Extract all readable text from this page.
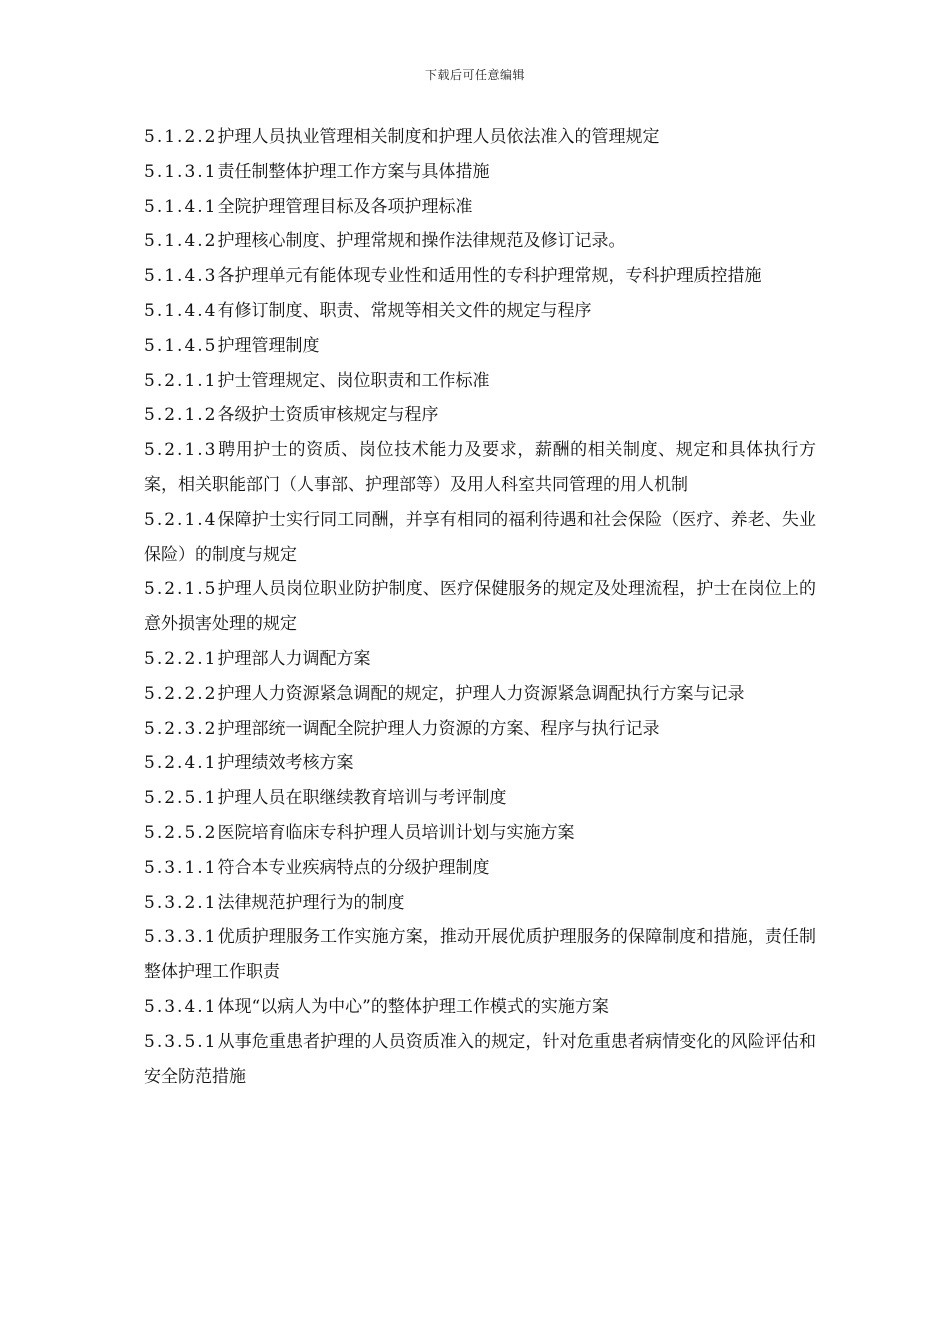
下载后可任意编辑

5.1.2.2护理人员执业管理相关制度和护理人员依法准入的管理规定

5.1.3.1责任制整体护理工作方案与具体措施

5.1.4.1全院护理管理目标及各项护理标准

5.1.4.2护理核心制度、护理常规和操作法律规范及修订记录。

5.1.4.3各护理单元有能体现专业性和适用性的专科护理常规，专科护理质控措施

5.1.4.4有修订制度、职责、常规等相关文件的规定与程序

5.1.4.5护理管理制度

5.2.1.1护士管理规定、岗位职责和工作标准

5.2.1.2各级护士资质审核规定与程序

5.2.1.3聘用护士的资质、岗位技术能力及要求，薪酬的相关制度、规定和具体执行方案，相关职能部门（人事部、护理部等）及用人科室共同管理的用人机制

5.2.1.4保障护士实行同工同酬，并享有相同的福利待遇和社会保险（医疗、养老、失业保险）的制度与规定

5.2.1.5护理人员岗位职业防护制度、医疗保健服务的规定及处理流程，护士在岗位上的意外损害处理的规定

5.2.2.1护理部人力调配方案

5.2.2.2护理人力资源紧急调配的规定，护理人力资源紧急调配执行方案与记录

5.2.3.2护理部统一调配全院护理人力资源的方案、程序与执行记录

5.2.4.1护理绩效考核方案

5.2.5.1护理人员在职继续教育培训与考评制度

5.2.5.2医院培育临床专科护理人员培训计划与实施方案

5.3.1.1符合本专业疾病特点的分级护理制度

5.3.2.1法律规范护理行为的制度

5.3.3.1优质护理服务工作实施方案，推动开展优质护理服务的保障制度和措施，责任制整体护理工作职责

5.3.4.1体现“以病人为中心”的整体护理工作模式的实施方案

5.3.5.1从事危重患者护理的人员资质准入的规定，针对危重患者病情变化的风险评估和安全防范措施
